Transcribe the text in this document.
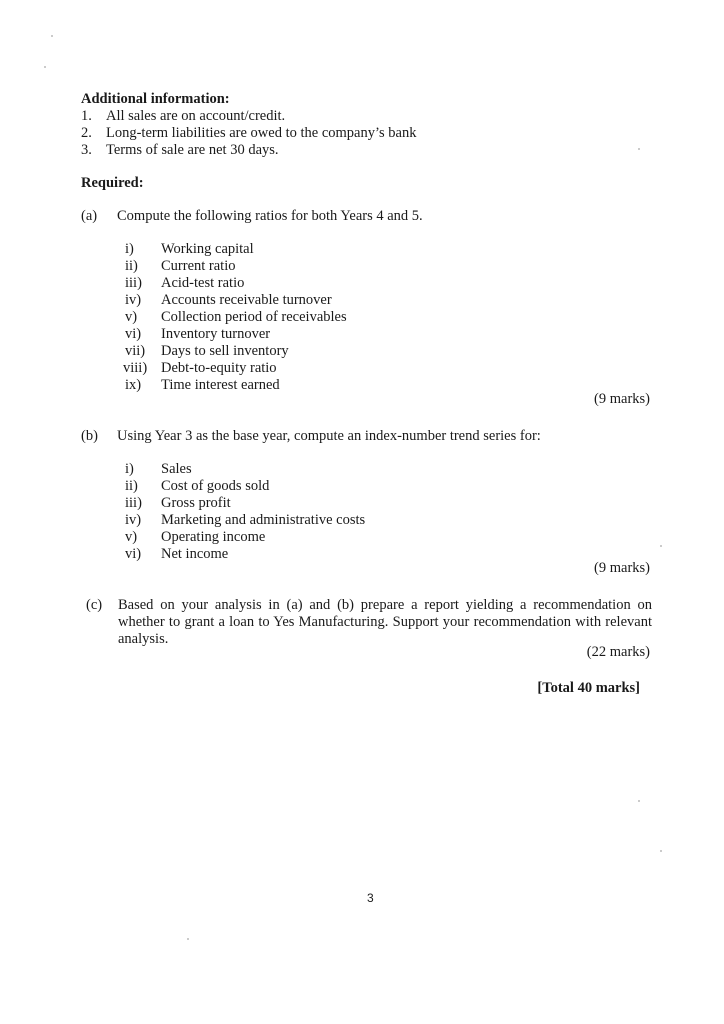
Additional information:
1. All sales are on account/credit.
2. Long-term liabilities are owed to the company’s bank
3. Terms of sale are net 30 days.
Required:
(a) Compute the following ratios for both Years 4 and 5.
i)	Working capital
ii)	Current ratio
iii)	Acid-test ratio
iv)	Accounts receivable turnover
v)	Collection period of receivables
vi)	Inventory turnover
vii)	Days to sell inventory
viii) Debt-to-equity ratio
ix)	Time interest earned
(9 marks)
(b) Using Year 3 as the base year, compute an index-number trend series for:
i)	Sales
ii)	Cost of goods sold
iii)	Gross profit
iv)	Marketing and administrative costs
v)	Operating income
vi)	Net income
(9 marks)
(c) Based on your analysis in (a) and (b) prepare a report yielding a recommendation on whether to grant a loan to Yes Manufacturing. Support your recommendation with relevant analysis.
(22 marks)
[Total 40 marks]
3
